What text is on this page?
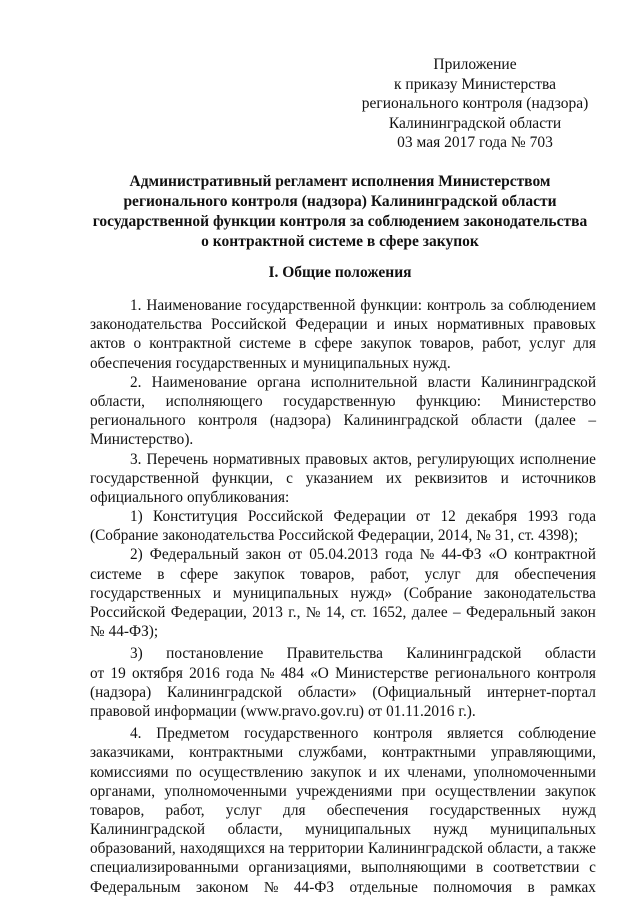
Приложение
к приказу Министерства
регионального контроля (надзора)
Калининградской области
03 мая 2017 года № 703
Административный регламент исполнения Министерством
регионального контроля (надзора) Калининградской области
государственной функции контроля за соблюдением законодательства
о контрактной системе в сфере закупок
I. Общие положения
1. Наименование государственной функции: контроль за соблюдением
законодательства Российской Федерации и иных нормативных правовых
актов о контрактной системе в сфере закупок товаров, работ, услуг для
обеспечения государственных и муниципальных нужд.
2. Наименование органа исполнительной власти Калининградской
области, исполняющего государственную функцию: Министерство
регионального контроля (надзора) Калининградской области (далее –
Министерство).
3. Перечень нормативных правовых актов, регулирующих исполнение
государственной функции, с указанием их реквизитов и источников
официального опубликования:
1) Конституция Российской Федерации от 12 декабря 1993 года
(Собрание законодательства Российской Федерации, 2014, № 31, ст. 4398);
2) Федеральный закон от 05.04.2013 года № 44-ФЗ «О контрактной
системе в сфере закупок товаров, работ, услуг для обеспечения
государственных и муниципальных нужд» (Собрание законодательства
Российской Федерации, 2013 г., № 14, ст. 1652, далее – Федеральный закон
№ 44-ФЗ);
3) постановление Правительства Калининградской области
от 19 октября 2016 года № 484 «О Министерстве регионального контроля
(надзора) Калининградской области» (Официальный интернет-портал
правовой информации (www.pravo.gov.ru) от 01.11.2016 г.).
4. Предметом государственного контроля является соблюдение
заказчиками, контрактными службами, контрактными управляющими,
комиссиями по осуществлению закупок и их членами, уполномоченными
органами, уполномоченными учреждениями при осуществлении закупок
товаров, работ, услуг для обеспечения государственных нужд
Калининградской области, муниципальных нужд муниципальных
образований, находящихся на территории Калининградской области, а также
специализированными организациями, выполняющими в соответствии с
Федеральным законом № 44-ФЗ отдельные полномочия в рамках
